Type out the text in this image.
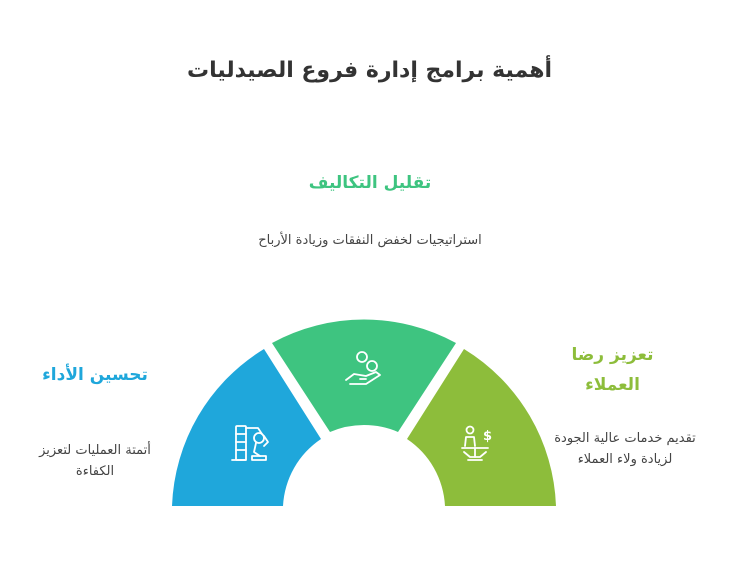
أهمية برامج إدارة فروع الصيدليات
$
تقليل التكاليف
استراتيجيات لخفض النفقات وزيادة الأرباح
تحسين الأداء
أتمتة العمليات لتعزيز الكفاءة
تعزيز رضا العملاء
تقديم خدمات عالية الجودة لزيادة ولاء العملاء
